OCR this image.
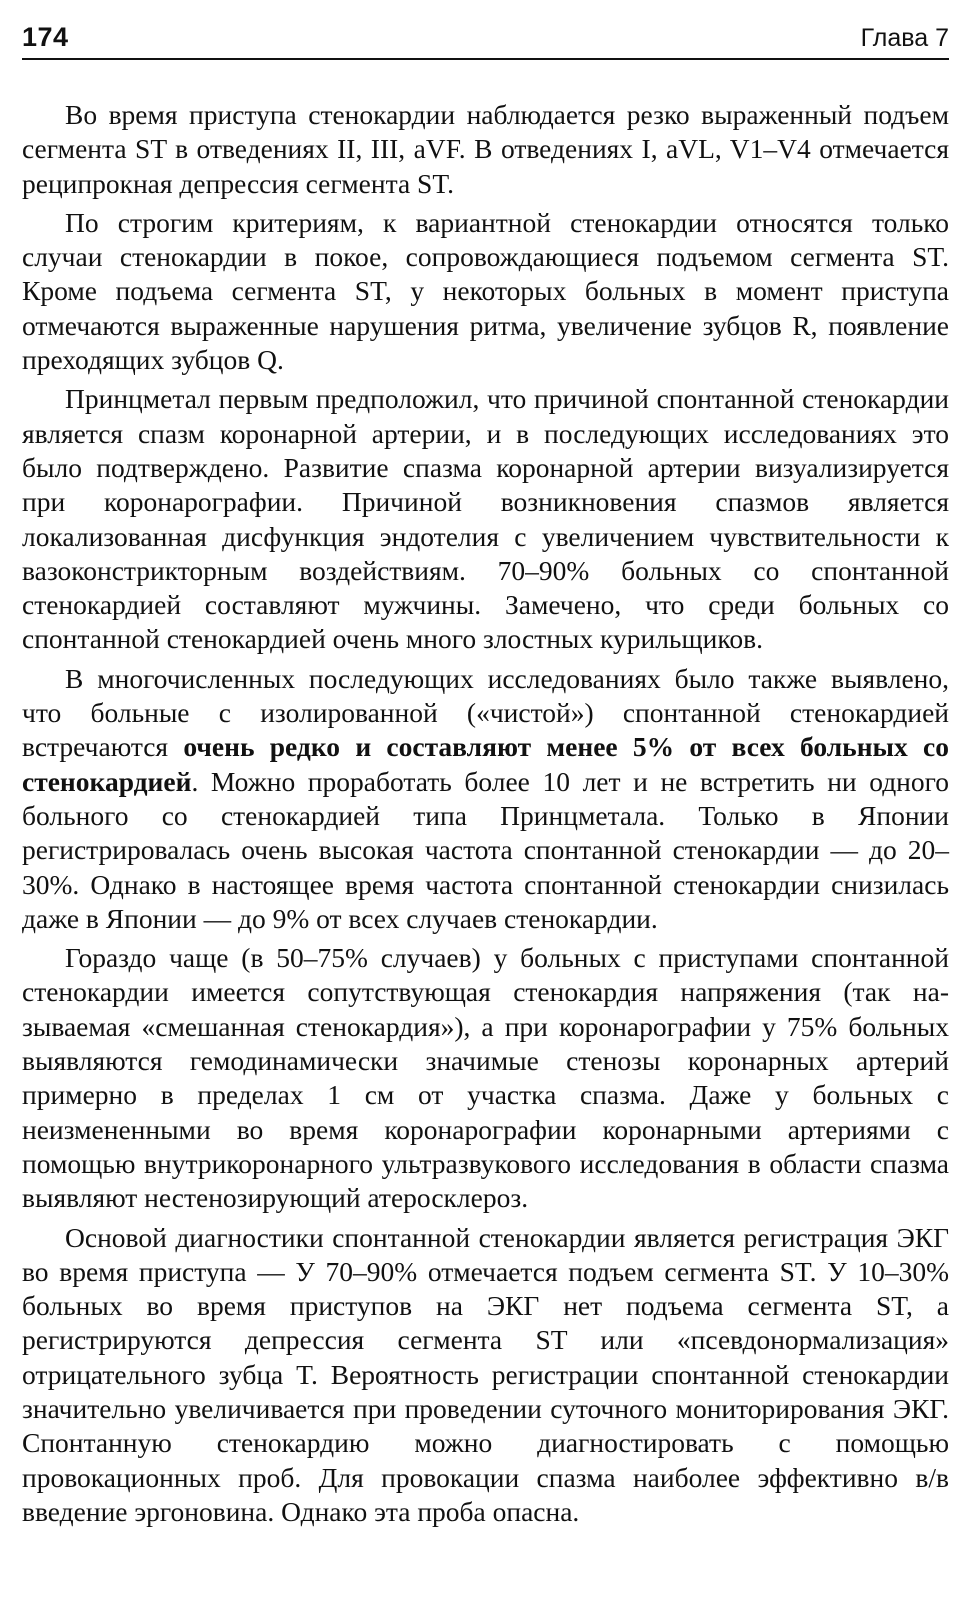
174	Глава 7

Во время приступа стенокардии наблюдается резко выраженный подъем сегмента ST в отведениях II, III, aVF. В отведениях I, aVL, V1–V4 отмечается реципрокная депрессия сегмента ST.

По строгим критериям, к вариантной стенокардии относятся только случаи стенокардии в покое, сопровождающиеся подъемом сегмента ST. Кроме подъема сегмента ST, у некоторых больных в момент приступа отмечаются выраженные нарушения ритма, увеличение зубцов R, появление преходящих зубцов Q.

Принцметал первым предположил, что причиной спонтанной стенокардии является спазм коронарной артерии, и в последующих исследованиях это было подтверждено. Развитие спазма коронарной артерии визуализируется при коронарографии. Причиной возникновения спазмов является локализованная дисфункция эндотелия с увеличением чувствительности к вазоконстрикторным воздействиям. 70–90% больных со спонтанной стенокардией составляют мужчины. Замечено, что среди больных со спонтанной стенокардией очень много злостных курильщиков.

В многочисленных последующих исследованиях было также выявлено, что больные с изолированной («чистой») спонтанной стенокардией встречаются очень редко и составляют менее 5% от всех больных со стенокардией. Можно проработать более 10 лет и не встретить ни одного больного со стенокардией типа Принцметала. Только в Японии регистрировалась очень высокая частота спонтанной стенокардии — до 20–30%. Однако в настоящее время частота спонтанной стенокардии снизилась даже в Японии — до 9% от всех случаев стенокардии.

Гораздо чаще (в 50–75% случаев) у больных с приступами спонтанной стенокардии имеется сопутствующая стенокардия напряжения (так называемая «смешанная стенокардия»), а при коронарографии у 75% больных выявляются гемодинамически значимые стенозы коронарных артерий примерно в пределах 1 см от участка спазма. Даже у больных с неизмененными во время коронарографии коронарными артериями с помощью внутрикоронарного ультразвукового исследования в области спазма выявляют нестенозирующий атеросклероз.

Основой диагностики спонтанной стенокардии является регистрация ЭКГ во время приступа — У 70–90% отмечается подъем сегмента ST. У 10–30% больных во время приступов на ЭКГ нет подъема сегмента ST, а регистрируются депрессия сегмента ST или «псевдонормализация» отрицательного зубца T. Вероятность регистрации спонтанной стенокардии значительно увеличивается при проведении суточного мониторирования ЭКГ. Спонтанную стенокардию можно диагностировать с помощью провокационных проб. Для провокации спазма наиболее эффективно в/в введение эргоновина. Однако эта проба опасна.
